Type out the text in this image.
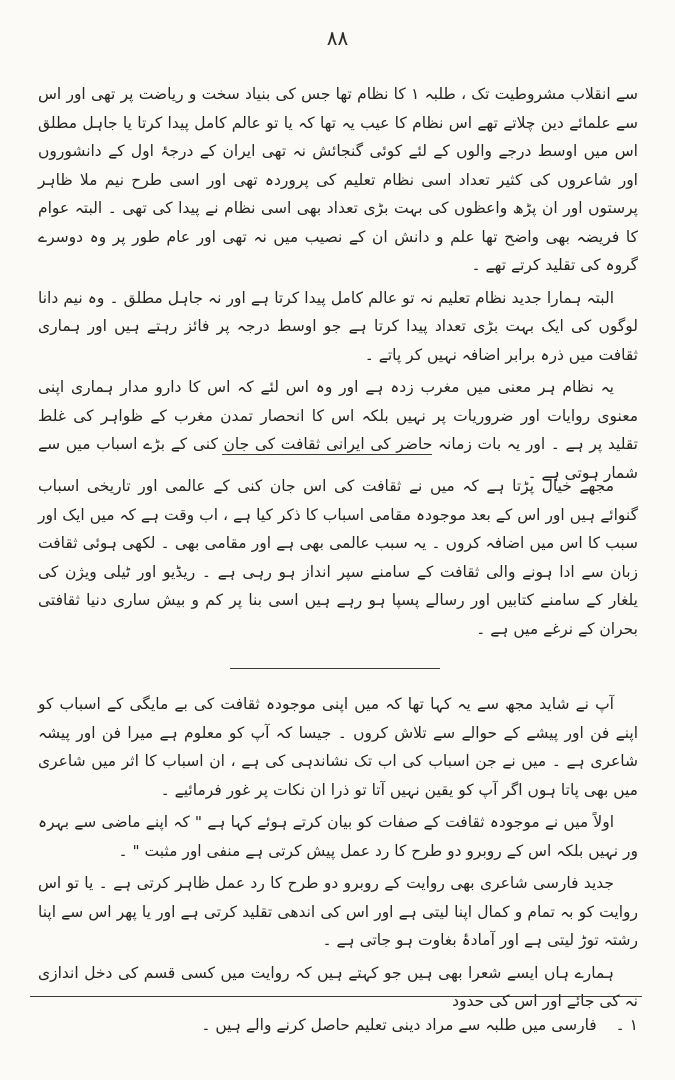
۸۸

سے انقلاب مشروطیت تک ، طلبہ ۱ کا نظام تھا جس کی بنیاد سخت و ریاضت پر تھی اور اس سے علمائے دین چلاتے تھے اس نظام کا عیب یہ تھا کہ یا تو عالم کامل پیدا کرتا یا جاہل مطلق اس میں اوسط درجے والوں کے لئے کوئی گنجائش نہ تھی ایران کے درجۂ اول کے دانشوروں اور شاعروں کی کثیر تعداد اسی نظام تعلیم کی پروردہ تھی اور اسی طرح نیم ملا ظاہر پرستوں اور ان پڑھ واعظوں کی بہت بڑی تعداد بھی اسی نظام نے پیدا کی تھی ۔ البتہ عوام کا فریضہ بھی واضح تھا علم و دانش ان کے نصیب میں نہ تھی اور عام طور پر وہ دوسرے گروہ کی تقلید کرتے تھے ۔

البتہ ہمارا جدید نظام تعلیم نہ تو عالم کامل پیدا کرتا ہے اور نہ جاہل مطلق ۔ وہ نیم دانا لوگوں کی ایک بہت بڑی تعداد پیدا کرتا ہے جو اوسط درجہ پر فائز رہتے ہیں اور ہماری ثقافت میں ذرہ برابر اضافہ نہیں کر پاتے ۔

یہ نظام ہر معنی میں مغرب زدہ ہے اور وہ اس لئے کہ اس کا دارو مدار ہماری اپنی معنوی روایات اور ضروریات پر نہیں بلکہ اس کا انحصار تمدن مغرب کے ظواہر کی غلط تقلید پر ہے ۔ اور یہ بات زمانہ حاضر کی ایرانی ثقافت کی جان کنی کے بڑے اسباب میں سے شمار ہوتی ہے ۔

مجھے خیال پڑتا ہے کہ میں نے ثقافت کی اس جان کنی کے عالمی اور تاریخی اسباب گنوائے ہیں اور اس کے بعد موجودہ مقامی اسباب کا ذکر کیا ہے ، اب وقت ہے کہ میں ایک اور سبب کا اس میں اضافہ کروں ۔ یہ سبب عالمی بھی ہے اور مقامی بھی ۔ لکھی ہوئی ثقافت زبان سے ادا ہونے والی ثقافت کے سامنے سپر انداز ہو رہی ہے ۔ ریڈیو اور ٹیلی ویژن کی یلغار کے سامنے کتابیں اور رسالے پسپا ہو رہے ہیں اسی بنا پر کم و بیش ساری دنیا ثقافتی بحران کے نرغے میں ہے ۔

آپ نے شاید مجھ سے یہ کہا تھا کہ میں اپنی موجودہ ثقافت کی بے مایگی کے اسباب کو اپنے فن اور پیشے کے حوالے سے تلاش کروں ۔ جیسا کہ آپ کو معلوم ہے میرا فن اور پیشہ شاعری ہے ۔ میں نے جن اسباب کی اب تک نشاندہی کی ہے ، ان اسباب کا اثر میں شاعری میں بھی پاتا ہوں اگر آپ کو یقین نہیں آتا تو ذرا ان نکات پر غور فرمائیے ۔

اولاً میں نے موجودہ ثقافت کے صفات کو بیان کرتے ہوئے کہا ہے " کہ اپنے ماضی سے بہرہ ور نہیں بلکہ اس کے روبرو دو طرح کا رد عمل پیش کرتی ہے منفی اور مثبت " ۔

جدید فارسی شاعری بھی روایت کے روبرو دو طرح کا رد عمل ظاہر کرتی ہے ۔ یا تو اس روایت کو بہ تمام و کمال اپنا لیتی ہے اور اس کی اندھی تقلید کرتی ہے اور یا پھر اس سے اپنا رشتہ توڑ لیتی ہے اور آمادۂ بغاوت ہو جاتی ہے ۔

ہمارے ہاں ایسے شعرا بھی ہیں جو کہتے ہیں کہ روایت میں کسی قسم کی دخل اندازی نہ کی جائے اور اس کی حدود

۱ ۔ فارسی میں طلبہ سے مراد دینی تعلیم حاصل کرنے والے ہیں ۔
